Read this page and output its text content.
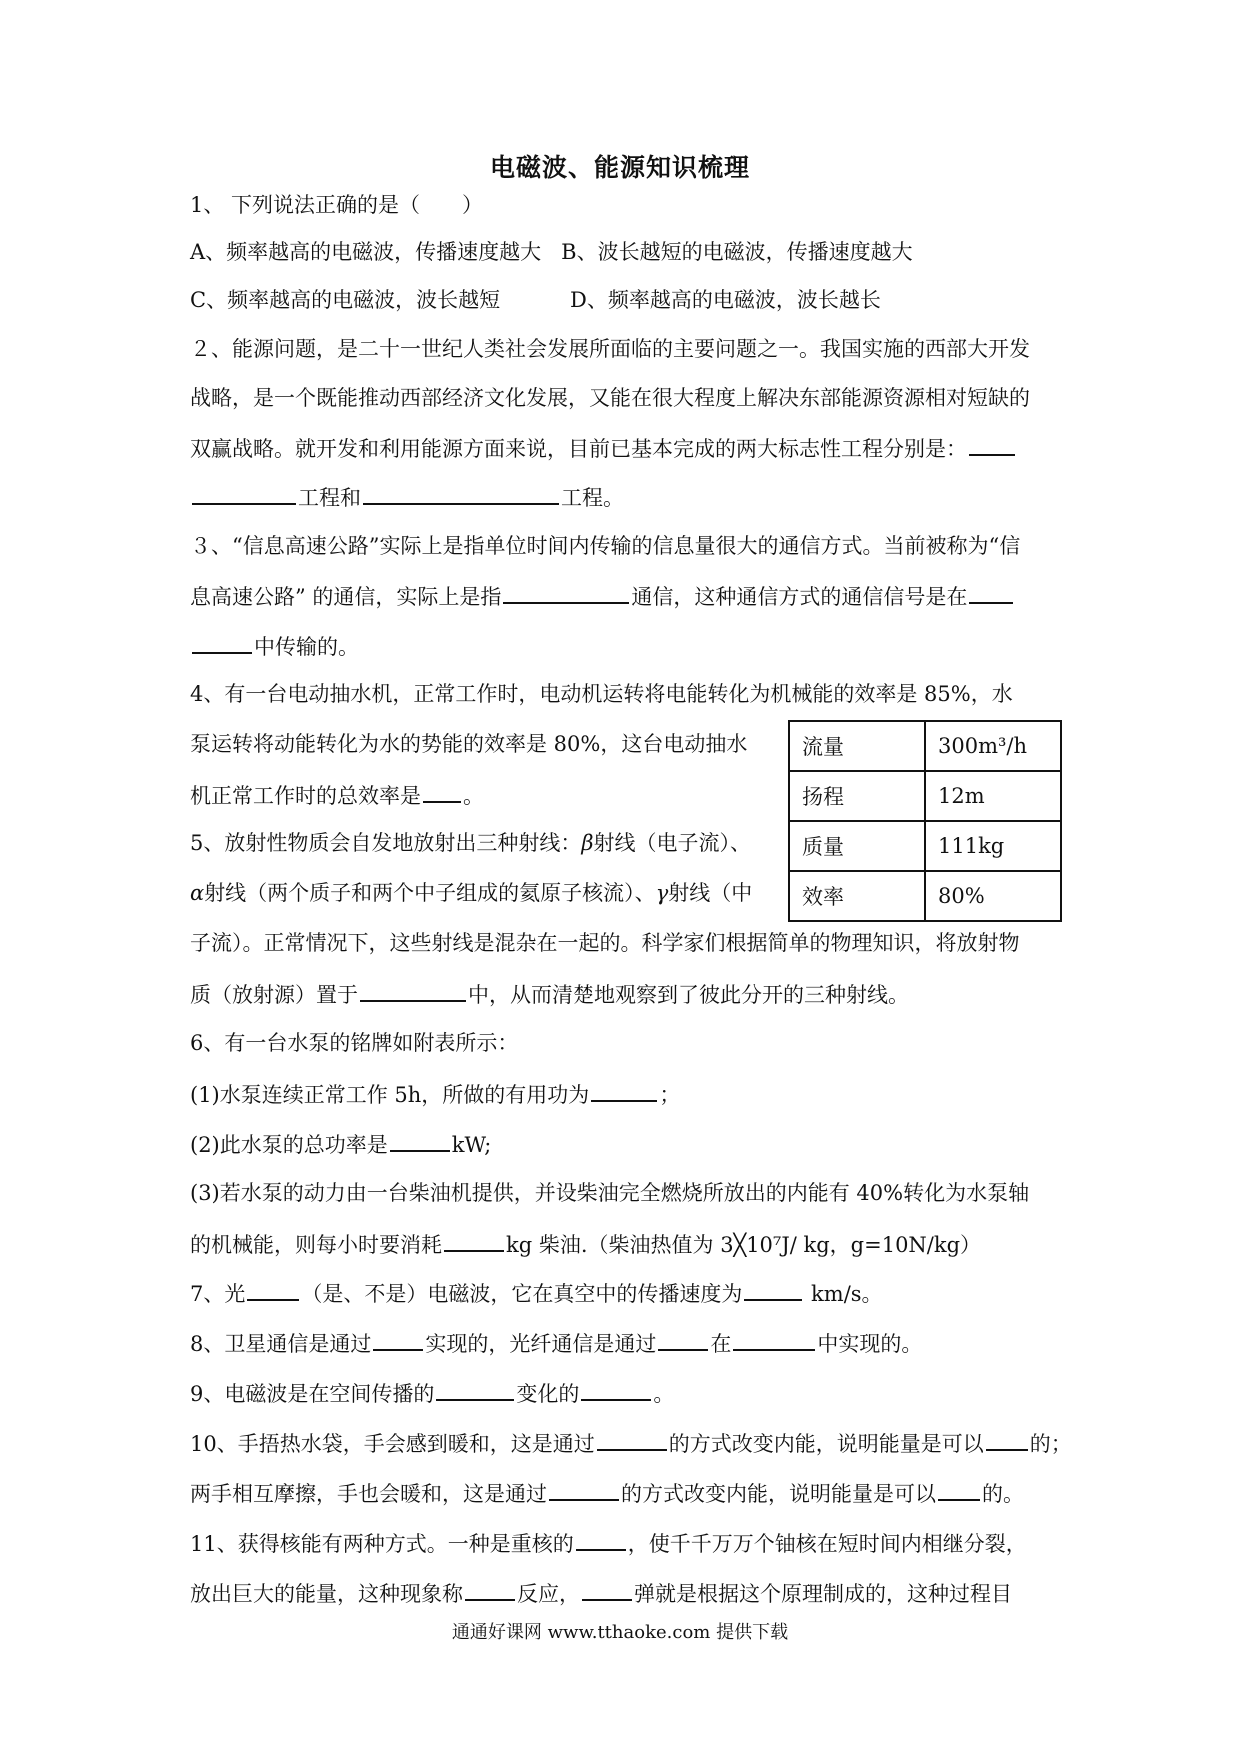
电磁波、能源知识梳理
1、 下列说法正确的是（　　）
A、频率越高的电磁波，传播速度越大 B、波长越短的电磁波，传播速度越大
C、频率越高的电磁波，波长越短	D、频率越高的电磁波，波长越长
２、能源问题，是二十一世纪人类社会发展所面临的主要问题之一。我国实施的西部大开发
战略，是一个既能推动西部经济文化发展，又能在很大程度上解决东部能源资源相对短缺的
双赢战略。就开发和利用能源方面来说，目前已基本完成的两大标志性工程分别是：
工程和	工程。
３、“信息高速公路”实际上是指单位时间内传输的信息量很大的通信方式。当前被称为“信
息高速公路” 的通信，实际上是指	通信，这种通信方式的通信信号是在
中传输的。
4、有一台电动抽水机，正常工作时，电动机运转将电能转化为机械能的效率是 85%，水
泵运转将动能转化为水的势能的效率是 80%，这台电动抽水
机正常工作时的总效率是 。
流量	300m³/h
扬程	12m
质量	111kg
效率	80%
5、放射性物质会自发地放射出三种射线：β射线（电子流）、
α射线（两个质子和两个中子组成的氦原子核流）、γ射线（中
子流）。正常情况下，这些射线是混杂在一起的。科学家们根据简单的物理知识，将放射物
质（放射源）置于	中，从而清楚地观察到了彼此分开的三种射线。
6、有一台水泵的铭牌如附表所示：
(1)水泵连续正常工作 5h，所做的有用功为	；
(2)此水泵的总功率是	kW;
(3)若水泵的动力由一台柴油机提供，并设柴油完全燃烧所放出的内能有 40%转化为水泵轴
的机械能，则每小时要消耗	kg 柴油.（柴油热值为 3╳10⁷J/ kg，g=10N/kg）
7、光	（是、不是）电磁波，它在真空中的传播速度为	km/s。
8、卫星通信是通过	实现的，光纤通信是通过	在	中实现的。
9、电磁波是在空间传播的	变化的	。
10、手捂热水袋，手会感到暖和，这是通过	的方式改变内能，说明能量是可以 的；
两手相互摩擦，手也会暖和，这是通过	的方式改变内能，说明能量是可以 的。
11、获得核能有两种方式。一种是重核的	，使千千万万个铀核在短时间内相继分裂，
放出巨大的能量，这种现象称	反应，	弹就是根据这个原理制成的，这种过程目
通通好课网 www.tthaoke.com 提供下载
